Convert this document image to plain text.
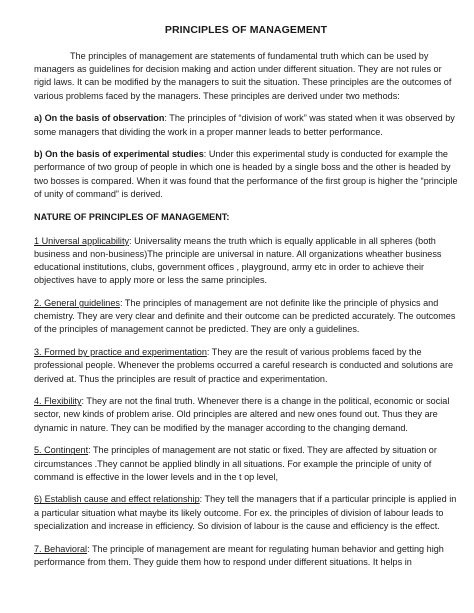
PRINCIPLES OF MANAGEMENT

The principles of management are statements of fundamental truth which can be used by managers as guidelines for decision making and action under different situation. They are not rules or rigid laws. It can be modified by the managers to suit the situation. These principles are the outcomes of various problems faced by the managers. These principles are derived under two methods:

a) On the basis of observation: The principles of “division of work” was stated when it was observed by some managers that dividing the work in a proper manner leads to better performance.

b) On the basis of experimental studies: Under this experimental study is conducted for example the performance of two group of people in which one is headed by a single boss and the other is headed by two bosses is compared. When it was found that the performance of the first group is higher the “principle of unity of command” is derived.

NATURE OF PRINCIPLES OF MANAGEMENT:

1 Universal applicability: Universality means the truth which is equally applicable in all spheres (both business and non-business)The principle are universal in nature. All organizations wheather business educational institutions, clubs, government offices , playground, army etc in order to achieve their objectives have to apply more or less the same principles.

2. General guidelines: The principles of management are not definite like the principle of physics and chemistry. They are very clear and definite and their outcome can be predicted accurately. The outcomes of the principles of management cannot be predicted. They are only a guidelines.

3. Formed by practice and experimentation: They are the result of various problems faced by the professional people. Whenever the problems occurred a careful research is conducted and solutions are derived at. Thus the principles are result of practice and experimentation.

4. Flexibility: They are not the final truth. Whenever there is a change in the political, economic or social sector, new kinds of problem arise. Old principles are altered and new ones found out. Thus they are dynamic in nature. They can be modified by the manager according to the changing demand.

5. Contingent: The principles of management are not static or fixed. They are affected by situation or circumstances .They cannot be applied blindly in all situations. For example the principle of unity of command is effective in the lower levels and in the t op level,

6) Establish cause and effect relationship: They tell the managers that if a particular principle is applied in a particular situation what maybe its likely outcome. For ex. the principles of division of labour leads to specialization and increase in efficiency. So division of labour is the cause and efficiency is the effect.

7. Behavioral: The principle of management are meant for regulating human behavior and getting high performance from them. They guide them how to respond under different situations. It helps in
